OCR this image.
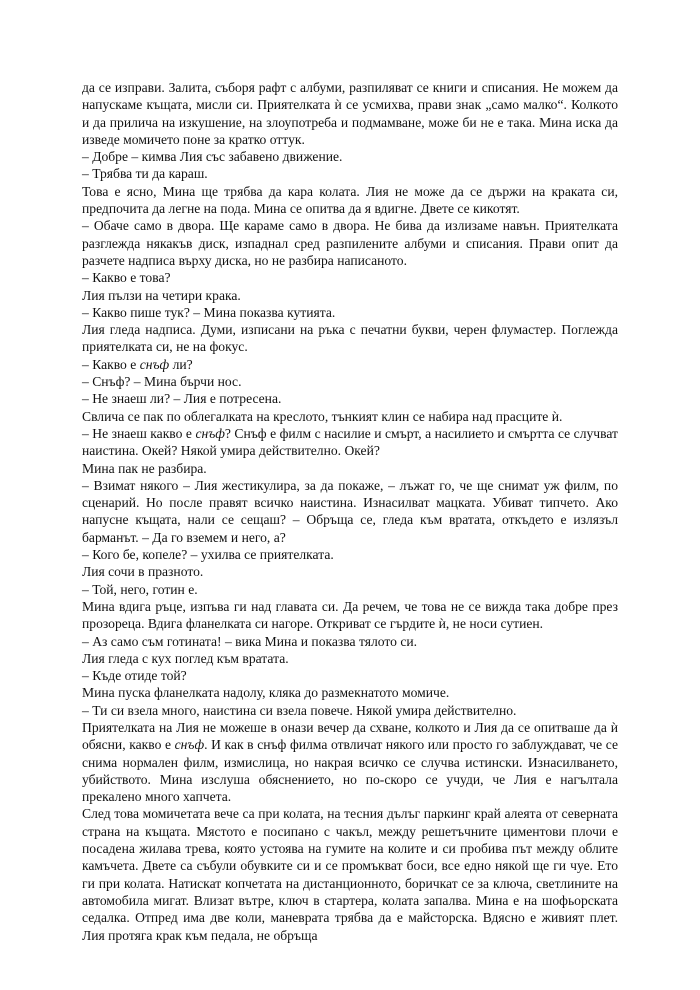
да се изправи. Залита, съборя рафт с албуми, разпиляват се книги и списания. Не можем да напускаме къщата, мисли си. Приятелката ѝ се усмихва, прави знак „само малко“. Колкото и да прилича на изкушение, на злоупотреба и подмамване, може би не е така. Мина иска да изведе момичето поне за кратко оттук.

– Добре – кимва Лия със забавено движение.

– Трябва ти да караш.

Това е ясно, Мина ще трябва да кара колата. Лия не може да се държи на краката си, предпочита да легне на пода. Мина се опитва да я вдигне. Двете се кикотят.

– Обаче само в двора. Ще караме само в двора. Не бива да излизаме навън. Приятелката разглежда някакъв диск, изпаднал сред разпилените албуми и списания. Прави опит да разчете надписа върху диска, но не разбира написаното.

– Какво е това?

Лия пълзи на четири крака.

– Какво пише тук? – Мина показва кутията.

Лия гледа надписа. Думи, изписани на ръка с печатни букви, черен флумастер. Поглежда приятелката си, не на фокус.

– Какво е снъф ли?

– Снъф? – Мина бърчи нос.

– Не знаеш ли? – Лия е потресена.

Свлича се пак по облегалката на креслото, тънкият клин се набира над прасците ѝ.

– Не знаеш какво е снъф? Снъф е филм с насилие и смърт, а насилието и смъртта се случват наистина. Окей? Някой умира действително. Окей?

Мина пак не разбира.

– Взимат някого – Лия жестикулира, за да покаже, – лъжат го, че ще снимат уж филм, по сценарий. Но после правят всичко наистина. Изнасилват мацката. Убиват типчето. Ако напусне къщата, нали се сещаш? – Обръща се, гледа към вратата, откъдето е излязъл барманът. – Да го вземем и него, а?

– Кого бе, копеле? – ухилва се приятелката.

Лия сочи в празното.

– Той, него, готин е.

Мина вдига ръце, изпъва ги над главата си. Да речем, че това не се вижда така добре през прозореца. Вдига фланелката си нагоре. Откриват се гърдите ѝ, не носи сутиен.

– Аз само съм готината! – вика Мина и показва тялото си.

Лия гледа с кух поглед към вратата.

– Къде отиде той?

Мина пуска фланелката надолу, кляка до размекнатото момиче.

– Ти си взела много, наистина си взела повече. Някой умира действително.

Приятелката на Лия не можеше в онази вечер да схване, колкото и Лия да се опитваше да ѝ обясни, какво е снъф. И как в снъф филма отвличат някого или просто го заблуждават, че се снима нормален филм, измислица, но накрая всичко се случва истински. Изнасилването, убийството. Мина изслуша обяснението, но по-скоро се учуди, че Лия е нагълтала прекалено много хапчета.

След това момичетата вече са при колата, на тесния дълъг паркинг край алеята от северната страна на къщата. Мястото е посипано с чакъл, между решетъчните циментови плочи е посадена жилава трева, която устоява на гумите на колите и си пробива път между облите камъчета. Двете са събули обувките си и се промъкват боси, все едно някой ще ги чуе. Ето ги при колата. Натискат копчетата на дистанционното, боричкат се за ключа, светлините на автомобила мигат. Влизат вътре, ключ в стартера, колата запалва. Мина е на шофьорската седалка. Отпред има две коли, маневрата трябва да е майсторска. Вдясно е живият плет. Лия протяга крак към педала, не обръща
